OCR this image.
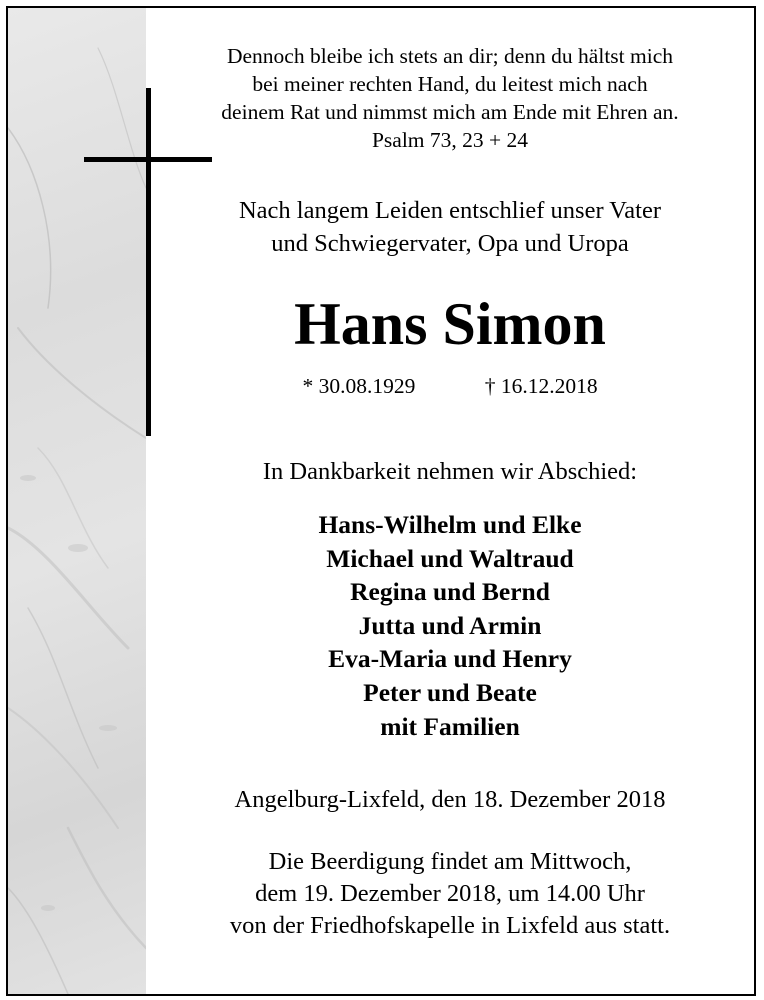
Dennoch bleibe ich stets an dir; denn du hältst mich
bei meiner rechten Hand, du leitest mich nach
deinem Rat und nimmst mich am Ende mit Ehren an.
Psalm 73, 23 + 24
Nach langem Leiden entschlief unser Vater
und Schwiegervater, Opa und Uropa
Hans Simon
* 30.08.1929	† 16.12.2018
In Dankbarkeit nehmen wir Abschied:
Hans-Wilhelm und Elke
Michael und Waltraud
Regina und Bernd
Jutta und Armin
Eva-Maria und Henry
Peter und Beate
mit Familien
Angelburg-Lixfeld, den 18. Dezember 2018
Die Beerdigung findet am Mittwoch,
dem 19. Dezember 2018, um 14.00 Uhr
von der Friedhofskapelle in Lixfeld aus statt.
